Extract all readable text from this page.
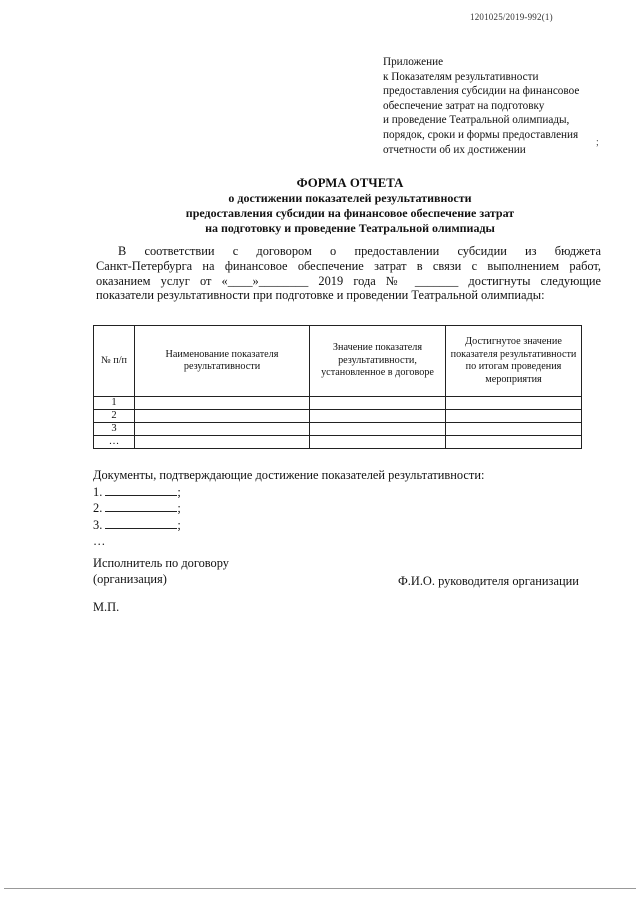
1201025/2019-992(1)
Приложение
к Показателям результативности
предоставления субсидии на финансовое
обеспечение затрат на подготовку
и проведение Театральной олимпиады,
порядок, сроки и формы предоставления
отчетности об их достижении
;
ФОРМА ОТЧЕТА
о достижении показателей результативности
предоставления субсидии на финансовое обеспечение затрат
на подготовку и проведение Театральной олимпиады
В соответствии с договором о предоставлении субсидии из бюджета
Санкт-Петербурга на финансовое обеспечение затрат в связи с выполнением работ,
оказанием услуг от «____»________ 2019 года № _______ достигнуты следующие
показатели результативности при подготовке и проведении Театральной олимпиады:
№ п/п	Наименование показателя результативности	Значение показателя результативности, установленное в договоре	Достигнутое значение показателя результативности по итогам проведения мероприятия
1			
2			
3			
…			
Документы, подтверждающие достижение показателей результативности:
1.	;
2.	;
3.	;
…
Исполнитель по договору
(организация)	Ф.И.О. руководителя организации
М.П.
